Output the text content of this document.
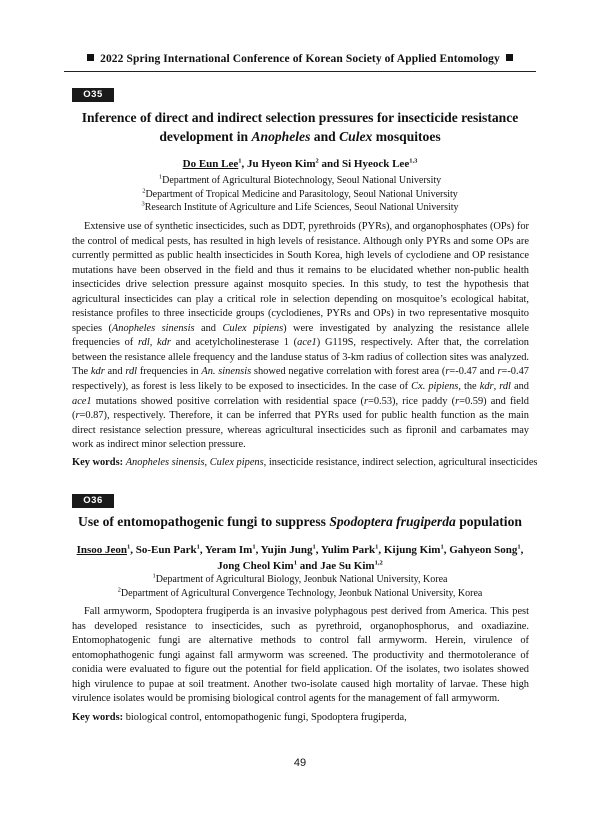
2022 Spring International Conference of Korean Society of Applied Entomology
O35
Inference of direct and indirect selection pressures for insecticide resistance
development in Anopheles and Culex mosquitoes
Do Eun Lee$^1$, Ju Hyeon Kim$^2$ and Si Hyeock Lee$^{1,3}$
$^1$Department of Agricultural Biotechnology, Seoul National University
$^2$Department of Tropical Medicine and Parasitology, Seoul National University
$^3$Research Institute of Agriculture and Life Sciences, Seoul National University

Extensive use of synthetic insecticides, such as DDT, pyrethroids (PYRs), and organophosphates (OPs) for the control of medical pests, has resulted in high levels of resistance. Although only PYRs and some OPs are currently permitted as public health insecticides in South Korea, high levels of cyclodiene and OP resistance mutations have been observed in the field and thus it remains to be elucidated whether non-public health insecticides drive selection pressure against mosquito species. In this study, to test the hypothesis that agricultural insecticides can play a critical role in selection depending on mosquitoe’s ecological habitat, resistance profiles to three insecticide groups (cyclodienes, PYRs and OPs) in two representative mosquito species (Anopheles sinensis and Culex pipiens) were investigated by analyzing the resistance allele frequencies of rdl, kdr and acetylcholinesterase 1 (ace1) G119S, respectively. After that, the correlation between the resistance allele frequency and the landuse status of 3-km radius of collection sites was analyzed. The kdr and rdl frequencies in An. sinensis showed negative correlation with forest area (r=-0.47 and r=-0.47 respectively), as forest is less likely to be exposed to insecticides. In the case of Cx. pipiens, the kdr, rdl and ace1 mutations showed positive correlation with residential space (r=0.53), rice paddy (r=0.59) and field (r=0.87), respectively. Therefore, it can be inferred that PYRs used for public health function as the main direct resistance selection pressure, whereas agricultural insecticides such as fipronil and carbamates may work as indirect minor selection pressure.

Key words: Anopheles sinensis, Culex pipens, insecticide resistance, indirect selection, agricultural insecticides
O36
Use of entomopathogenic fungi to suppress Spodoptera frugiperda population
Insoo Jeon$^1$, So-Eun Park$^1$, Yeram Im$^1$, Yujin Jung$^1$, Yulim Park$^1$, Kijung Kim$^1$, Gahyeon Song$^1$,
Jong Cheol Kim$^1$ and Jae Su Kim$^{1,2}$
$^1$Department of Agricultural Biology, Jeonbuk National University, Korea
$^2$Department of Agricultural Convergence Technology, Jeonbuk National University, Korea

Fall armyworm, Spodoptera frugiperda is an invasive polyphagous pest derived from America. This pest has developed resistance to insecticides, such as pyrethroid, organophosphorus, and oxadiazine. Entomophatogenic fungi are alternative methods to control fall armyworm. Herein, virulence of entomophathogenic fungi against fall armyworm was screened. The productivity and thermotolerance of conidia were evaluated to figure out the potential for field application. Of the isolates, two isolates showed high virulence to pupae at soil treatment. Another two-isolate caused high mortality of larvae. These high virulence isolates would be promising biological control agents for the management of fall armyworm.

Key words: biological control, entomopathogenic fungi, Spodoptera frugiperda,
49
